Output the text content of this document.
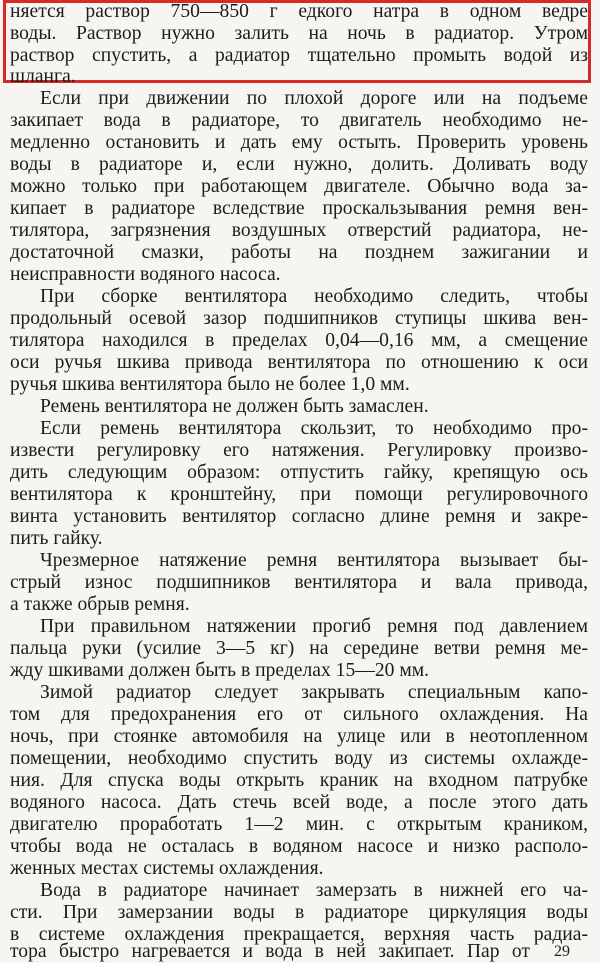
няется раствор 750—850 г едкого натра в одном ведре
воды. Раствор нужно залить на ночь в радиатор. Утром
раствор спустить, а радиатор тщательно промыть водой из
шланга.
Если при движении по плохой дороге или на подъеме
закипает вода в радиаторе, то двигатель необходимо не-
медленно остановить и дать ему остыть. Проверить уровень
воды в радиаторе и, если нужно, долить. Доливать воду
можно только при работающем двигателе. Обычно вода за-
кипает в радиаторе вследствие проскальзывания ремня вен-
тилятора, загрязнения воздушных отверстий радиатора, не-
достаточной смазки, работы на позднем зажигании и
неисправности водяного насоса.
При сборке вентилятора необходимо следить, чтобы
продольный осевой зазор подшипников ступицы шкива вен-
тилятора находился в пределах 0,04—0,16 мм, а смещение
оси ручья шкива привода вентилятора по отношению к оси
ручья шкива вентилятора было не более 1,0 мм.
Ремень вентилятора не должен быть замаслен.
Если ремень вентилятора скользит, то необходимо про-
извести регулировку его натяжения. Регулировку произво-
дить следующим образом: отпустить гайку, крепящую ось
вентилятора к кронштейну, при помощи регулировочного
винта установить вентилятор согласно длине ремня и закре-
пить гайку.
Чрезмерное натяжение ремня вентилятора вызывает бы-
стрый износ подшипников вентилятора и вала привода,
а также обрыв ремня.
При правильном натяжении прогиб ремня под давлением
пальца руки (усилие 3—5 кг) на середине ветви ремня ме-
жду шкивами должен быть в пределах 15—20 мм.
Зимой радиатор следует закрывать специальным капо-
том для предохранения его от сильного охлаждения. На
ночь, при стоянке автомобиля на улице или в неотопленном
помещении, необходимо спустить воду из системы охлажде-
ния. Для спуска воды открыть краник на входном патрубке
водяного насоса. Дать стечь всей воде, а после этого дать
двигателю проработать 1—2 мин. с открытым краником,
чтобы вода не осталась в водяном насосе и низко располо-
женных местах системы охлаждения.
Вода в радиаторе начинает замерзать в нижней его ча-
сти. При замерзании воды в радиаторе циркуляция воды
в системе охлаждения прекращается, верхняя часть радиа-
тора быстро нагревается и вода в ней закипает. Пар от 29
